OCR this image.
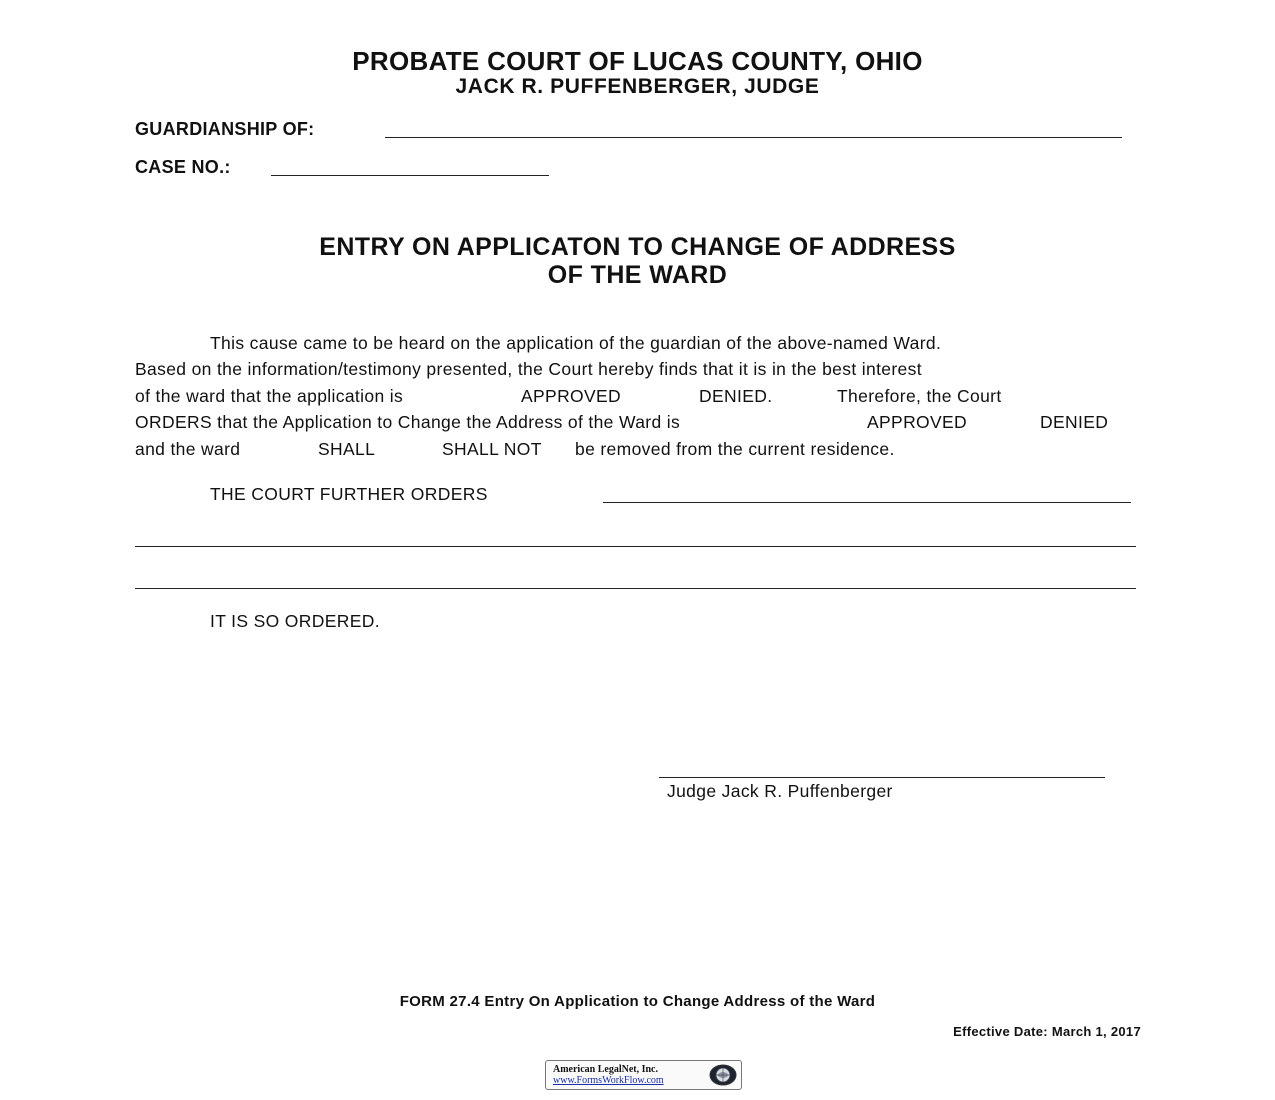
PROBATE COURT OF LUCAS COUNTY, OHIO
JACK R. PUFFENBERGER, JUDGE
GUARDIANSHIP OF:
CASE NO.:
ENTRY ON APPLICATON TO CHANGE OF ADDRESS
OF THE WARD
This cause came to be heard on the application of the guardian of the above-named Ward.
Based on the information/testimony presented, the Court hereby finds that it is in the best interest
of the ward that the application is	APPROVED	DENIED.	Therefore, the Court
ORDERS that the Application to Change the Address of the Ward is	APPROVED	DENIED
and the ward	SHALL	SHALL NOT be removed from the current residence.
THE COURT FURTHER ORDERS
IT IS SO ORDERED.
Judge Jack R. Puffenberger
FORM 27.4 Entry On Application to Change Address of the Ward
Effective Date: March 1, 2017
American LegalNet, Inc.
www.FormsWorkFlow.com
